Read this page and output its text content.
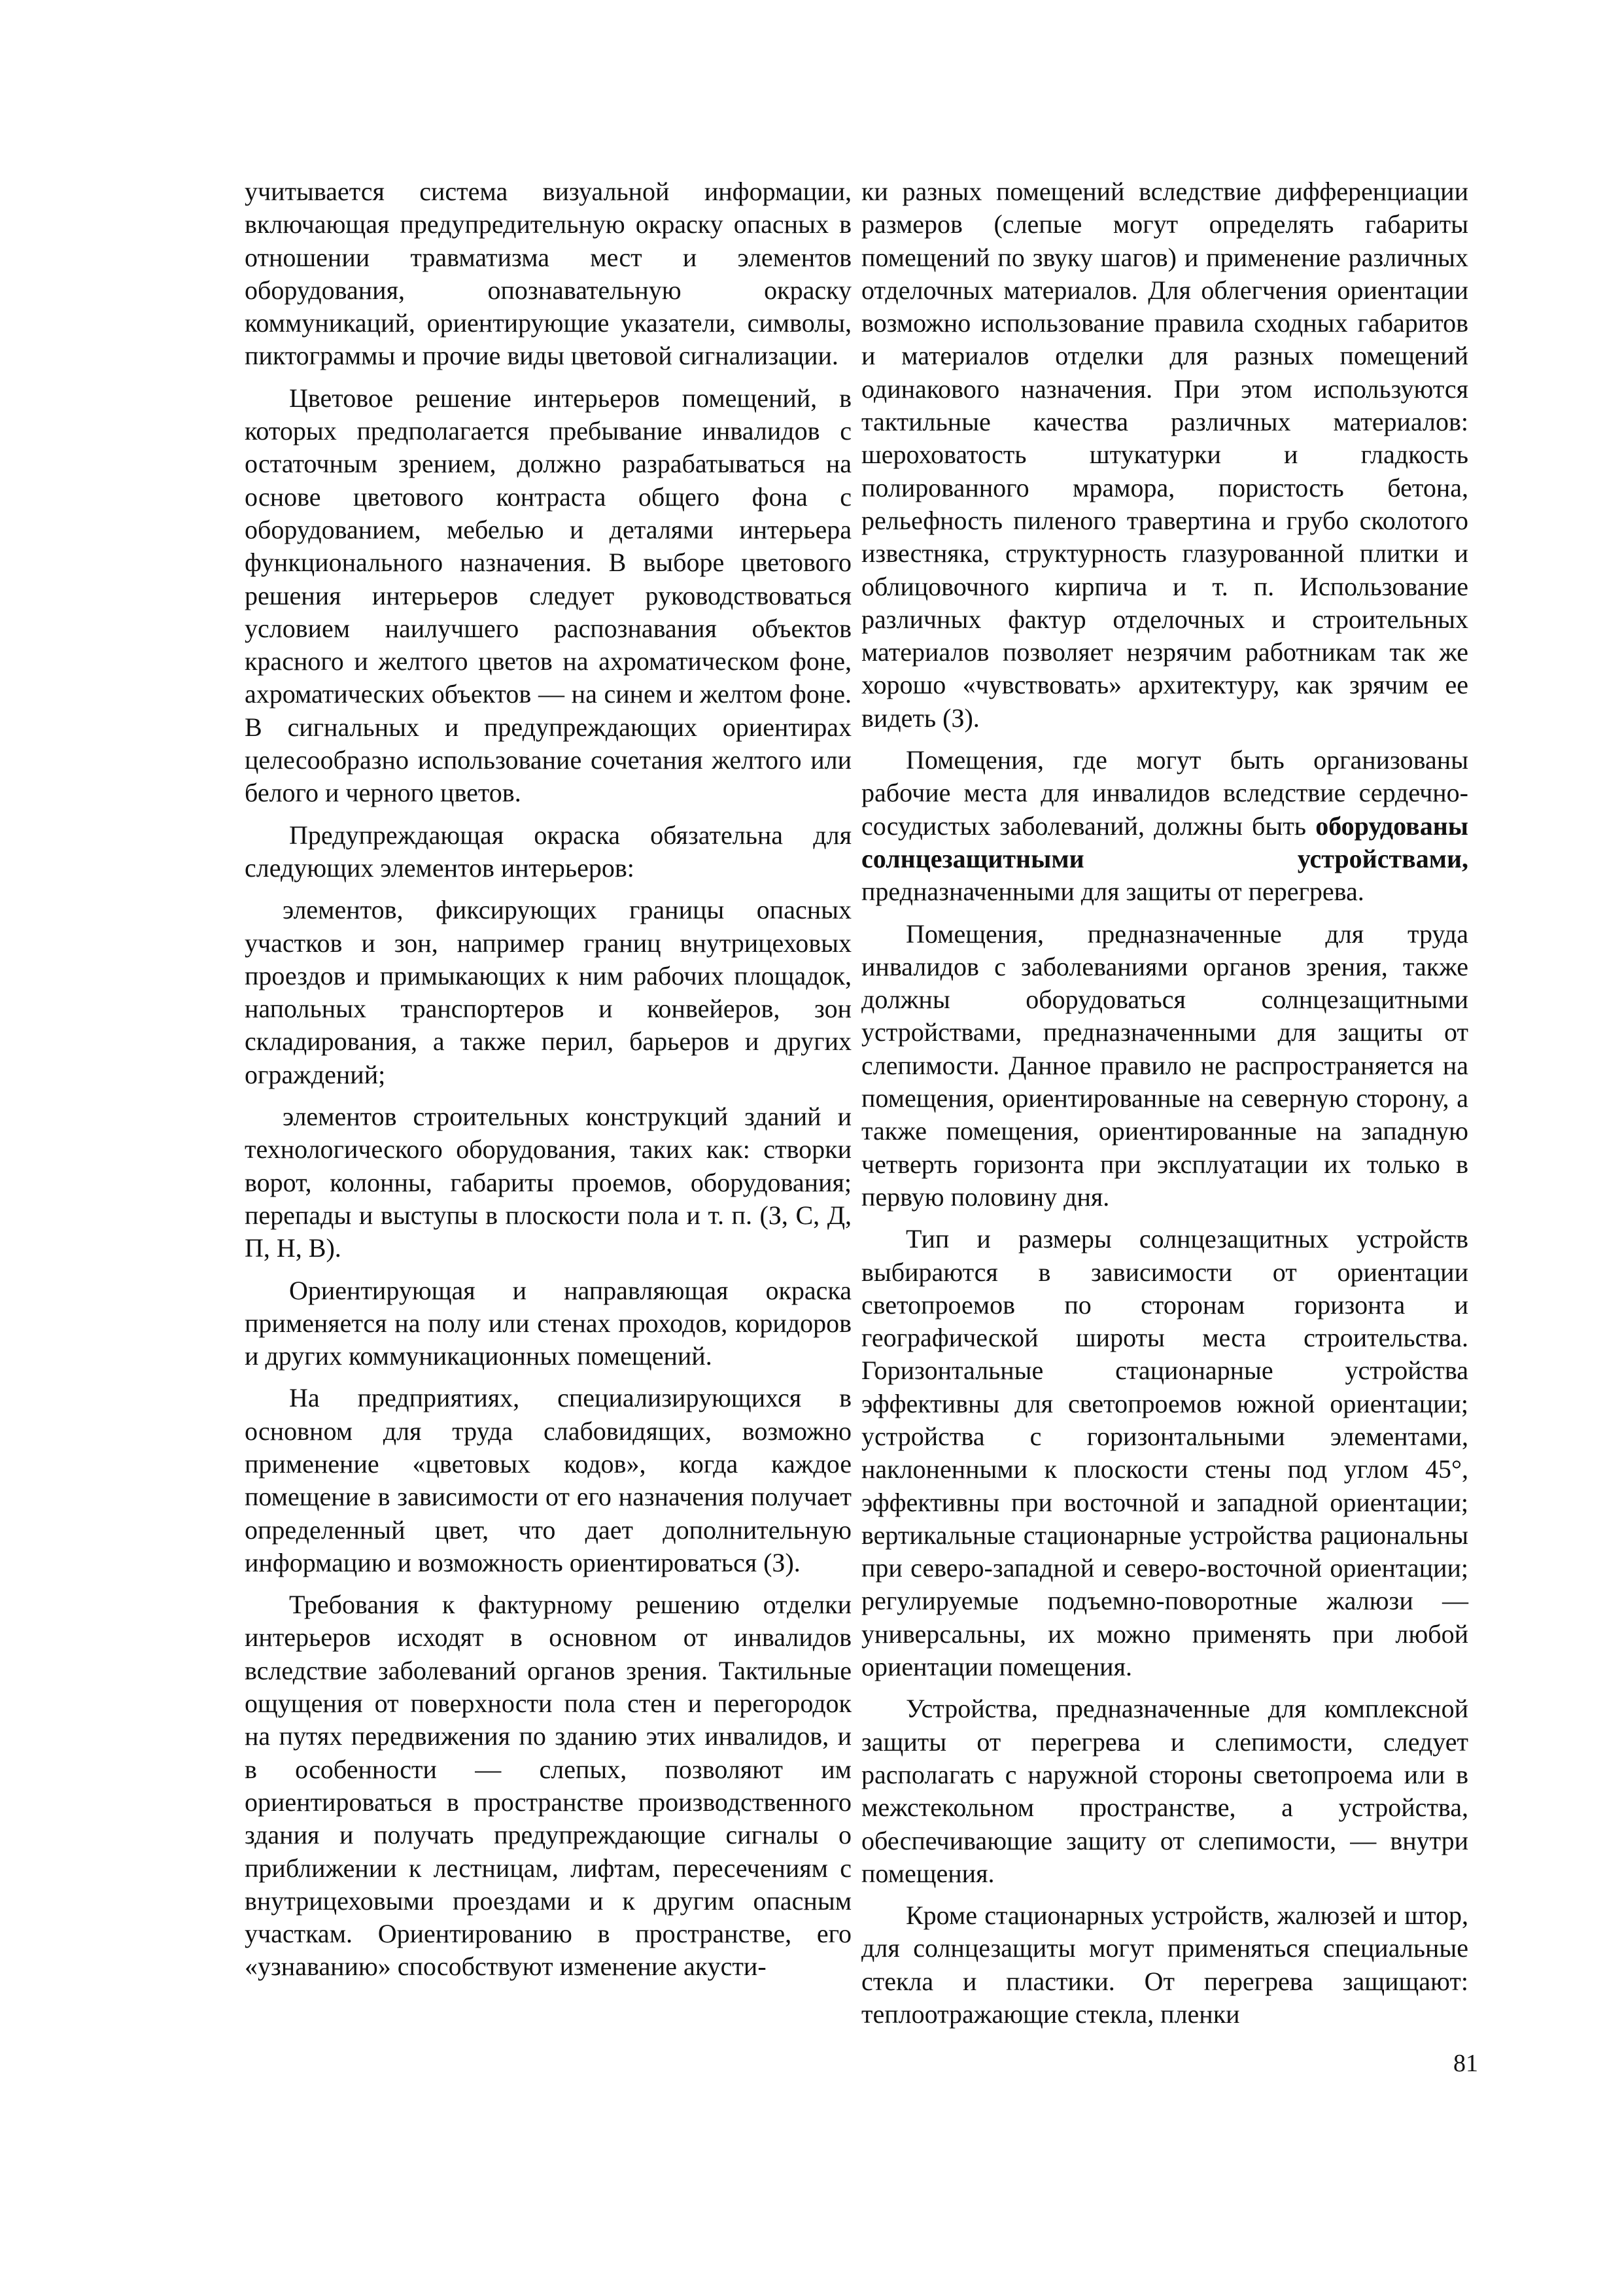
учитывается система визуальной информации, включающая предупредительную окраску опасных в отношении травматизма мест и элементов оборудования, опознавательную окраску коммуникаций, ориентирующие указатели, символы, пиктограммы и прочие виды цветовой сигнализации.

Цветовое решение интерьеров помещений, в которых предполагается пребывание инвалидов с остаточным зрением, должно разрабатываться на основе цветового контраста общего фона с оборудованием, мебелью и деталями интерьера функционального назначения. В выборе цветового решения интерьеров следует руководствоваться условием наилучшего распознавания объектов красного и желтого цветов на ахроматическом фоне, ахроматических объектов — на синем и желтом фоне. В сигнальных и предупреждающих ориентирах целесообразно использование сочетания желтого или белого и черного цветов.

Предупреждающая окраска обязательна для следующих элементов интерьеров:

элементов, фиксирующих границы опасных участков и зон, например границ внутрицеховых проездов и примыкающих к ним рабочих площадок, напольных транспортеров и конвейеров, зон складирования, а также перил, барьеров и других ограждений;

элементов строительных конструкций зданий и технологического оборудования, таких как: створки ворот, колонны, габариты проемов, оборудования; перепады и выступы в плоскости пола и т. п. (З, С, Д, П, Н, В).

Ориентирующая и направляющая окраска применяется на полу или стенах проходов, коридоров и других коммуникационных помещений.

На предприятиях, специализирующихся в основном для труда слабовидящих, возможно применение «цветовых кодов», когда каждое помещение в зависимости от его назначения получает определенный цвет, что дает дополнительную информацию и возможность ориентироваться (З).

Требования к фактурному решению отделки интерьеров исходят в основном от инвалидов вследствие заболеваний органов зрения. Тактильные ощущения от поверхности пола стен и перегородок на путях передвижения по зданию этих инвалидов, и в особенности — слепых, позволяют им ориентироваться в пространстве производственного здания и получать предупреждающие сигналы о приближении к лестницам, лифтам, пересечениям с внутрицеховыми проездами и к другим опасным участкам. Ориентированию в пространстве, его «узнаванию» способствуют изменение акусти-

ки разных помещений вследствие дифференциации размеров (слепые могут определять габариты помещений по звуку шагов) и применение различных отделочных материалов. Для облегчения ориентации возможно использование правила сходных габаритов и материалов отделки для разных помещений одинакового назначения. При этом используются тактильные качества различных материалов: шероховатость штукатурки и гладкость полированного мрамора, пористость бетона, рельефность пиленого травертина и грубо сколотого известняка, структурность глазурованной плитки и облицовочного кирпича и т. п. Использование различных фактур отделочных и строительных материалов позволяет незрячим работникам так же хорошо «чувствовать» архитектуру, как зрячим ее видеть (З).

Помещения, где могут быть организованы рабочие места для инвалидов вследствие сердечно-сосудистых заболеваний, должны быть оборудованы солнцезащитными устройствами, предназначенными для защиты от перегрева.

Помещения, предназначенные для труда инвалидов с заболеваниями органов зрения, также должны оборудоваться солнцезащитными устройствами, предназначенными для защиты от слепимости. Данное правило не распространяется на помещения, ориентированные на северную сторону, а также помещения, ориентированные на западную четверть горизонта при эксплуатации их только в первую половину дня.

Тип и размеры солнцезащитных устройств выбираются в зависимости от ориентации светопроемов по сторонам горизонта и географической широты места строительства. Горизонтальные стационарные устройства эффективны для светопроемов южной ориентации; устройства с горизонтальными элементами, наклоненными к плоскости стены под углом 45°, эффективны при восточной и западной ориентации; вертикальные стационарные устройства рациональны при северо-западной и северо-восточной ориентации; регулируемые подъемно-поворотные жалюзи — универсальны, их можно применять при любой ориентации помещения.

Устройства, предназначенные для комплексной защиты от перегрева и слепимости, следует располагать с наружной стороны светопроема или в межстекольном пространстве, а устройства, обеспечивающие защиту от слепимости, — внутри помещения.

Кроме стационарных устройств, жалюзей и штор, для солнцезащиты могут применяться специальные стекла и пластики. От перегрева защищают: теплоотражающие стекла, пленки

81
